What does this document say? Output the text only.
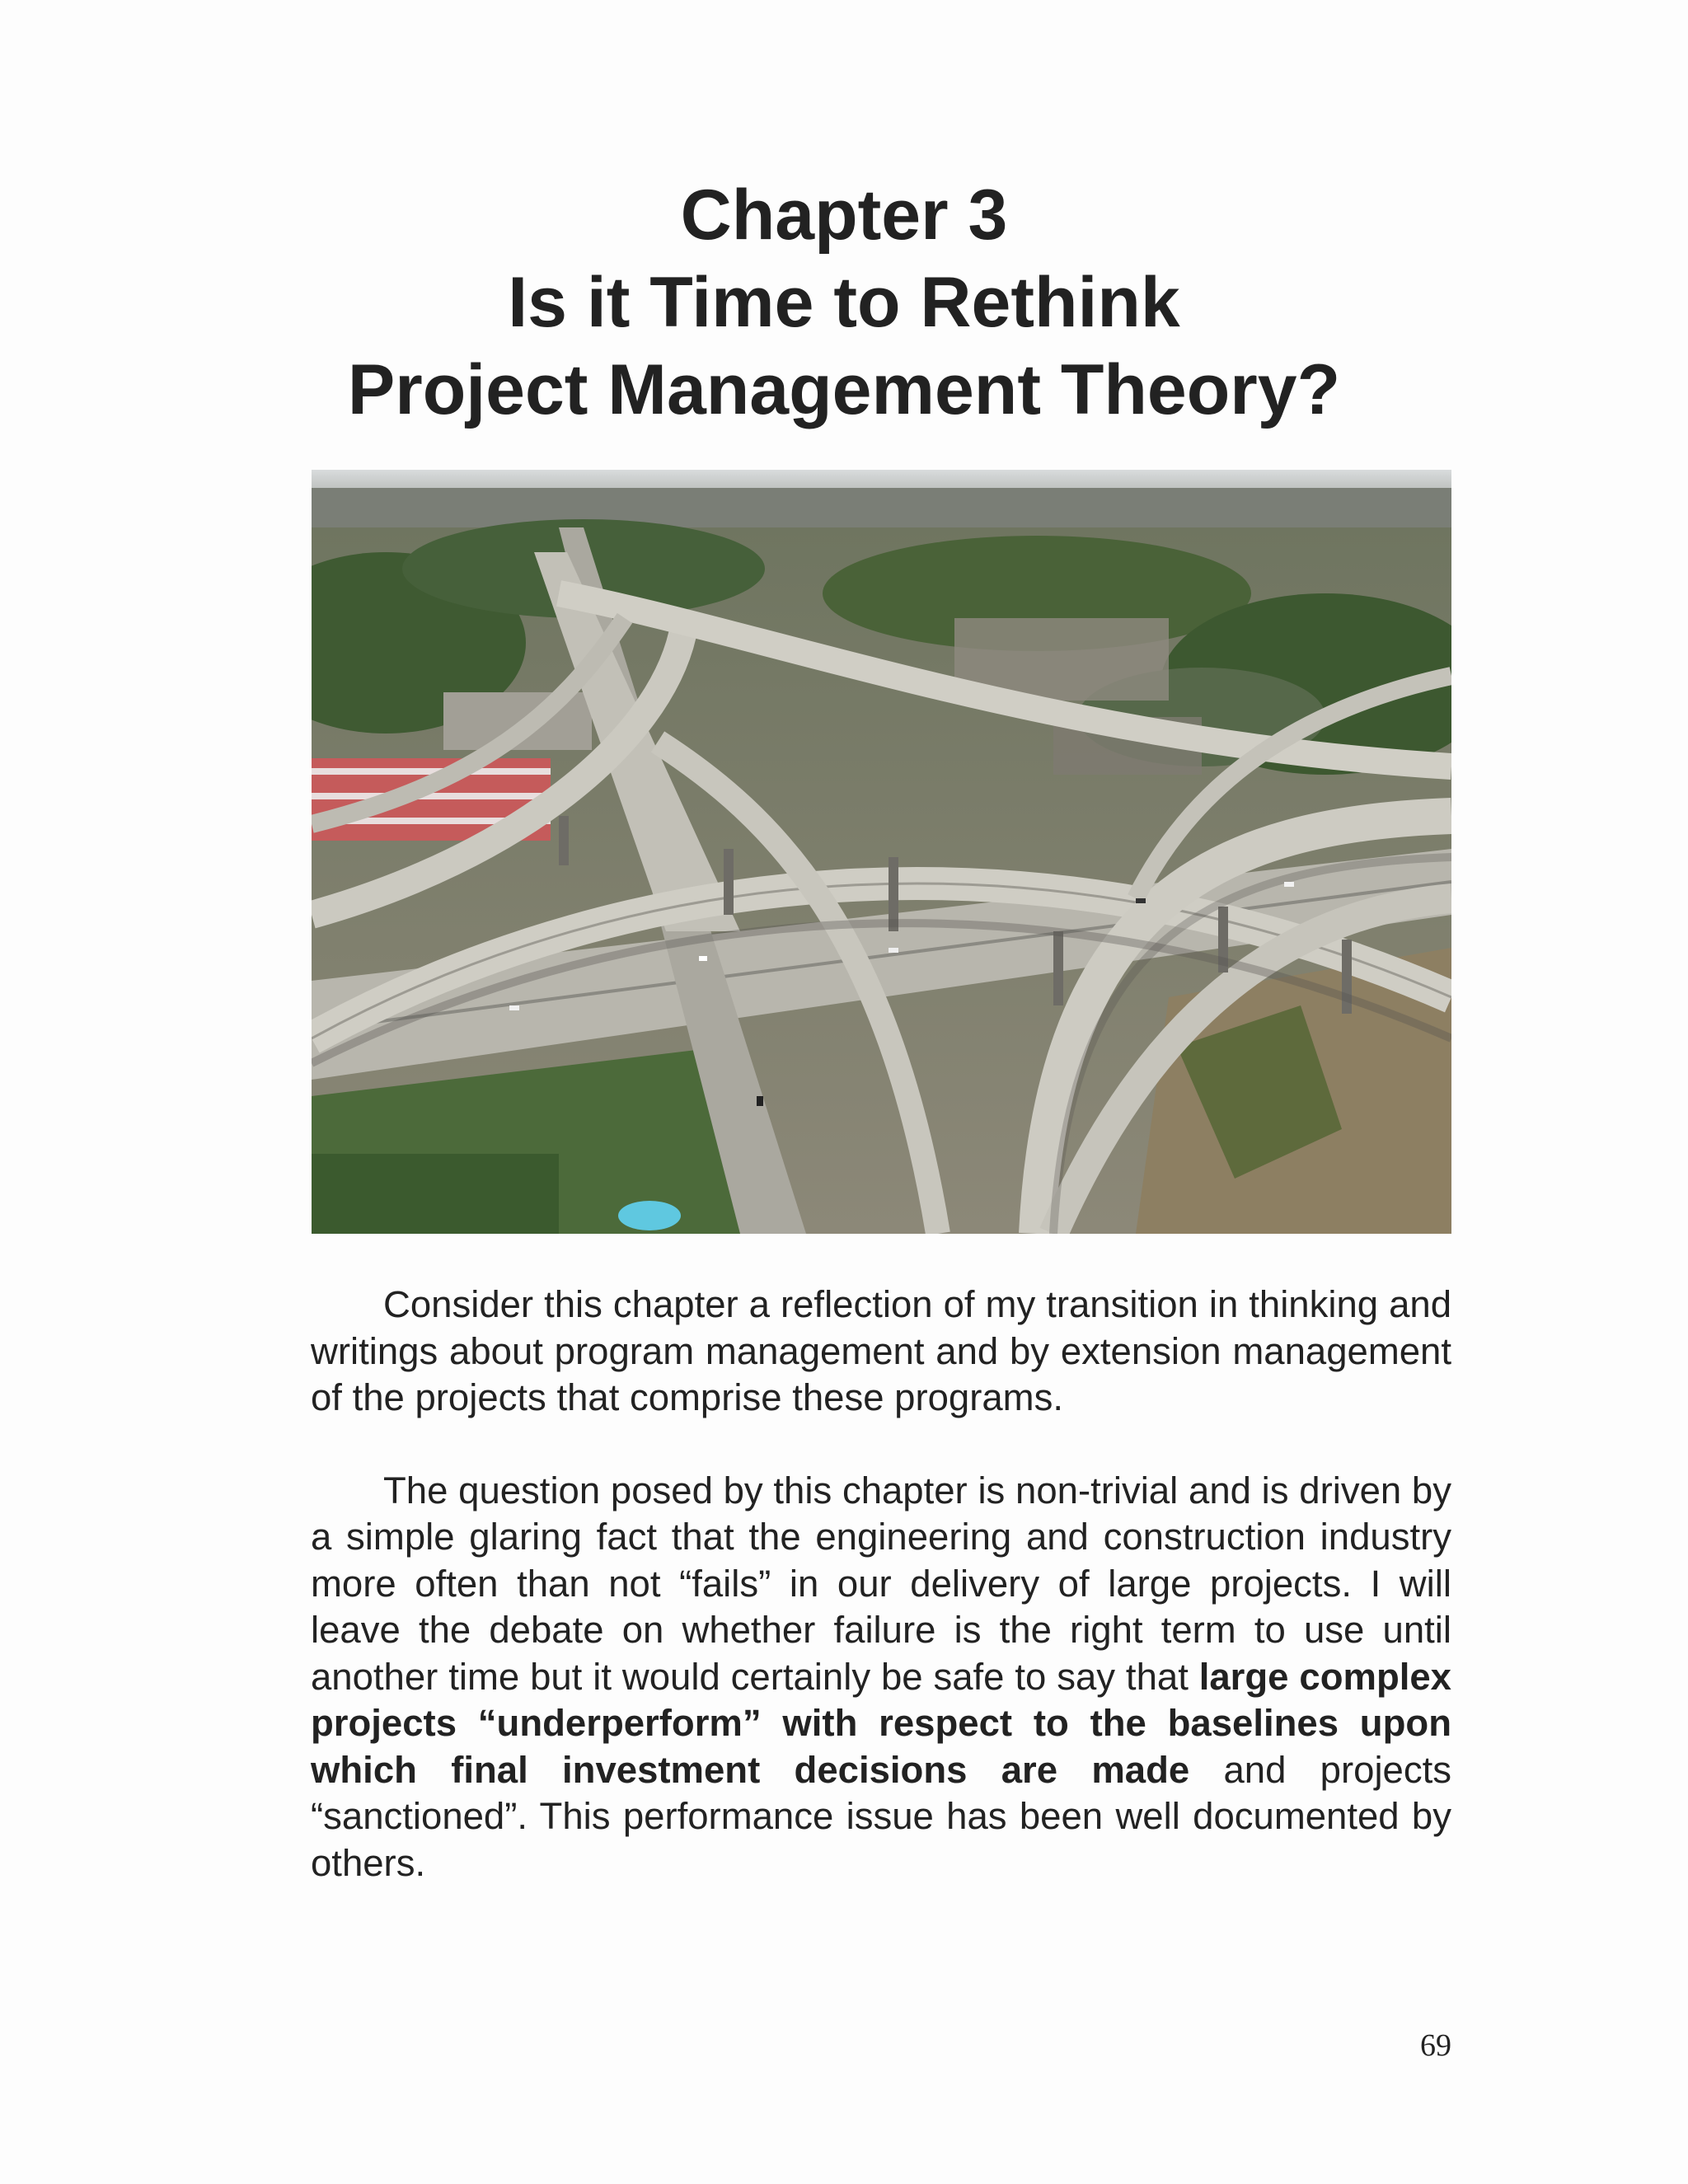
Chapter 3
Is it Time to Rethink
Project Management Theory?

Consider this chapter a reflection of my transition in thinking and writings about program management and by extension management of the projects that comprise these programs.

The question posed by this chapter is non-trivial and is driven by a simple glaring fact that the engineering and construction industry more often than not “fails” in our delivery of large projects. I will leave the debate on whether failure is the right term to use until another time but it would certainly be safe to say that large complex projects “underperform” with respect to the baselines upon which final investment decisions are made and projects “sanctioned”. This performance issue has been well documented by others.

69
